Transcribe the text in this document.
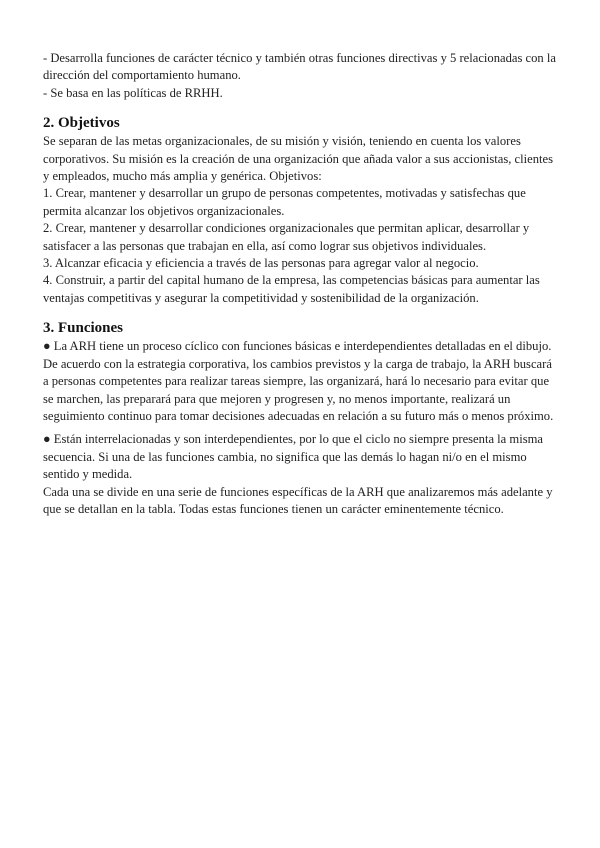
- Desarrolla funciones de carácter técnico y también otras funciones directivas y 5 relacionadas con la dirección del comportamiento humano.

- Se basa en las políticas de RRHH.

2. Objetivos

Se separan de las metas organizacionales, de su misión y visión, teniendo en cuenta los valores corporativos. Su misión es la creación de una organización que añada valor a sus accionistas, clientes y empleados, mucho más amplia y genérica. Objetivos:

1. Crear, mantener y desarrollar un grupo de personas competentes, motivadas y satisfechas que permita alcanzar los objetivos organizacionales.

2. Crear, mantener y desarrollar condiciones organizacionales que permitan aplicar, desarrollar y satisfacer a las personas que trabajan en ella, así como lograr sus objetivos individuales.

3. Alcanzar eficacia y eficiencia a través de las personas para agregar valor al negocio.

4. Construir, a partir del capital humano de la empresa, las competencias básicas para aumentar las ventajas competitivas y asegurar la competitividad y sostenibilidad de la organización.

3. Funciones

● La ARH tiene un proceso cíclico con funciones básicas e interdependientes detalladas en el dibujo. De acuerdo con la estrategia corporativa, los cambios previstos y la carga de trabajo, la ARH buscará a personas competentes para realizar tareas siempre, las organizará, hará lo necesario para evitar que se marchen, las preparará para que mejoren y progresen y, no menos importante, realizará un seguimiento continuo para tomar decisiones adecuadas en relación a su futuro más o menos próximo.

● Están interrelacionadas y son interdependientes, por lo que el ciclo no siempre presenta la misma secuencia. Si una de las funciones cambia, no significa que las demás lo hagan ni/o en el mismo sentido y medida.

Cada una se divide en una serie de funciones específicas de la ARH que analizaremos más adelante y que se detallan en la tabla. Todas estas funciones tienen un carácter eminentemente técnico.
